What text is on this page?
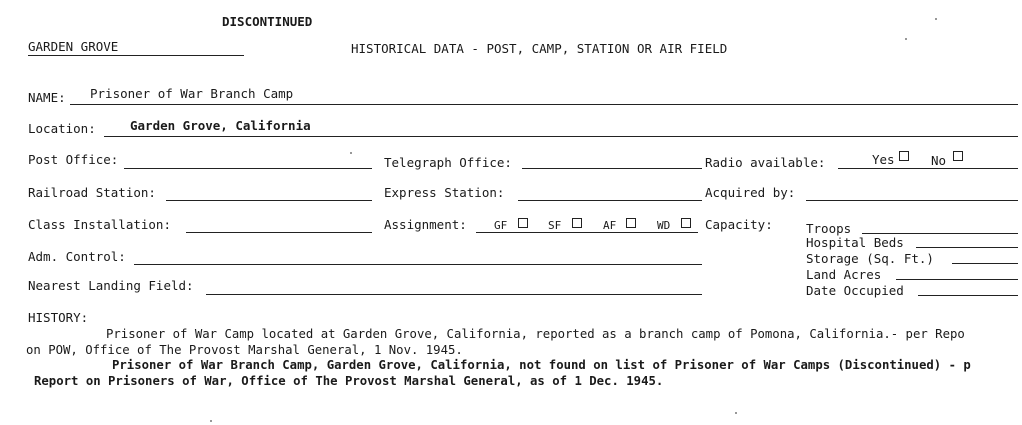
DISCONTINUED
GARDEN GROVE	HISTORICAL DATA - POST, CAMP, STATION OR AIR FIELD
NAME: Prisoner of War Branch Camp
Location:	Garden Grove, California
Post Office:	Telegraph Office:	Radio available:	Yes	No
Railroad Station:	Express Station:	Acquired by:
Class Installation:	Assignment: GF	SF	AF	WD	Capacity:	Troops
Hospital Beds
Storage (Sq. Ft.)
Land Acres
Date Occupied
Adm. Control:
Nearest Landing Field:
HISTORY:
Prisoner of War Camp located at Garden Grove, California, reported as a branch camp of Pomona, California.- per Repo
on POW, Office of The Provost Marshal General, 1 Nov. 1945.
Prisoner of War Branch Camp, Garden Grove, California, not found on list of Prisoner of War Camps (Discontinued) - p
Report on Prisoners of War, Office of The Provost Marshal General, as of 1 Dec. 1945.
